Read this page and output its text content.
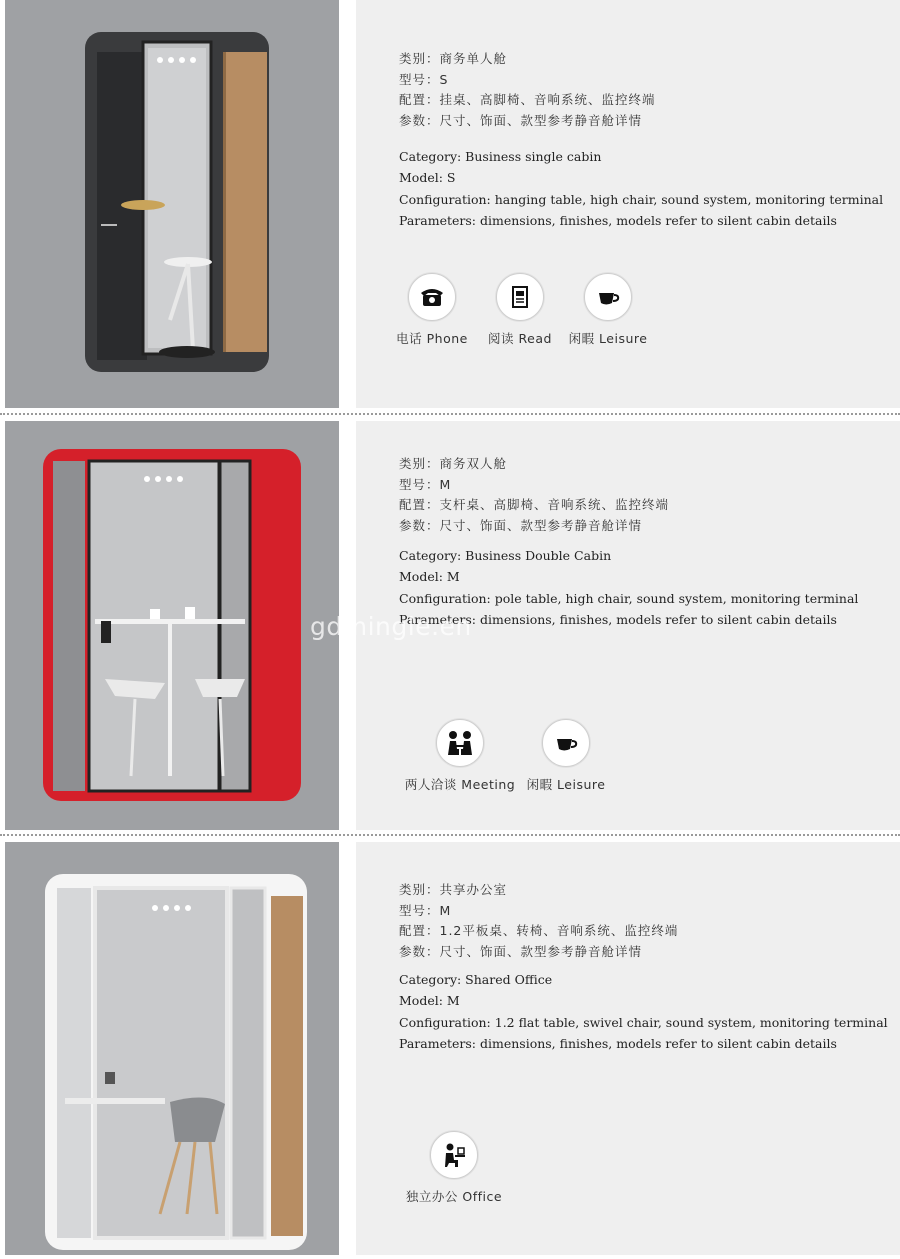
类别：商务单人舱
型号：S
配置：挂桌、高脚椅、音响系统、监控终端
参数：尺寸、饰面、款型参考静音舱详情
Category: Business single cabin
Model: S
Configuration: hanging table, high chair, sound system, monitoring terminal
Parameters: dimensions, finishes, models refer to silent cabin details
电话 Phone	阅读 Read	闲暇 Leisure
类别：商务双人舱
型号：M
配置：支杆桌、高脚椅、音响系统、监控终端
参数：尺寸、饰面、款型参考静音舱详情
Category: Business Double Cabin
Model: M
Configuration: pole table, high chair, sound system, monitoring terminal
Parameters: dimensions, finishes, models refer to silent cabin details
两人洽谈 Meeting 闲暇 Leisure
类别：共享办公室
型号：M
配置：1.2平板桌、转椅、音响系统、监控终端
参数：尺寸、饰面、款型参考静音舱详情
Category: Shared Office
Model: M
Configuration: 1.2 flat table, swivel chair, sound system, monitoring terminal
Parameters: dimensions, finishes, models refer to silent cabin details
独立办公 Office
gdmingle.en
